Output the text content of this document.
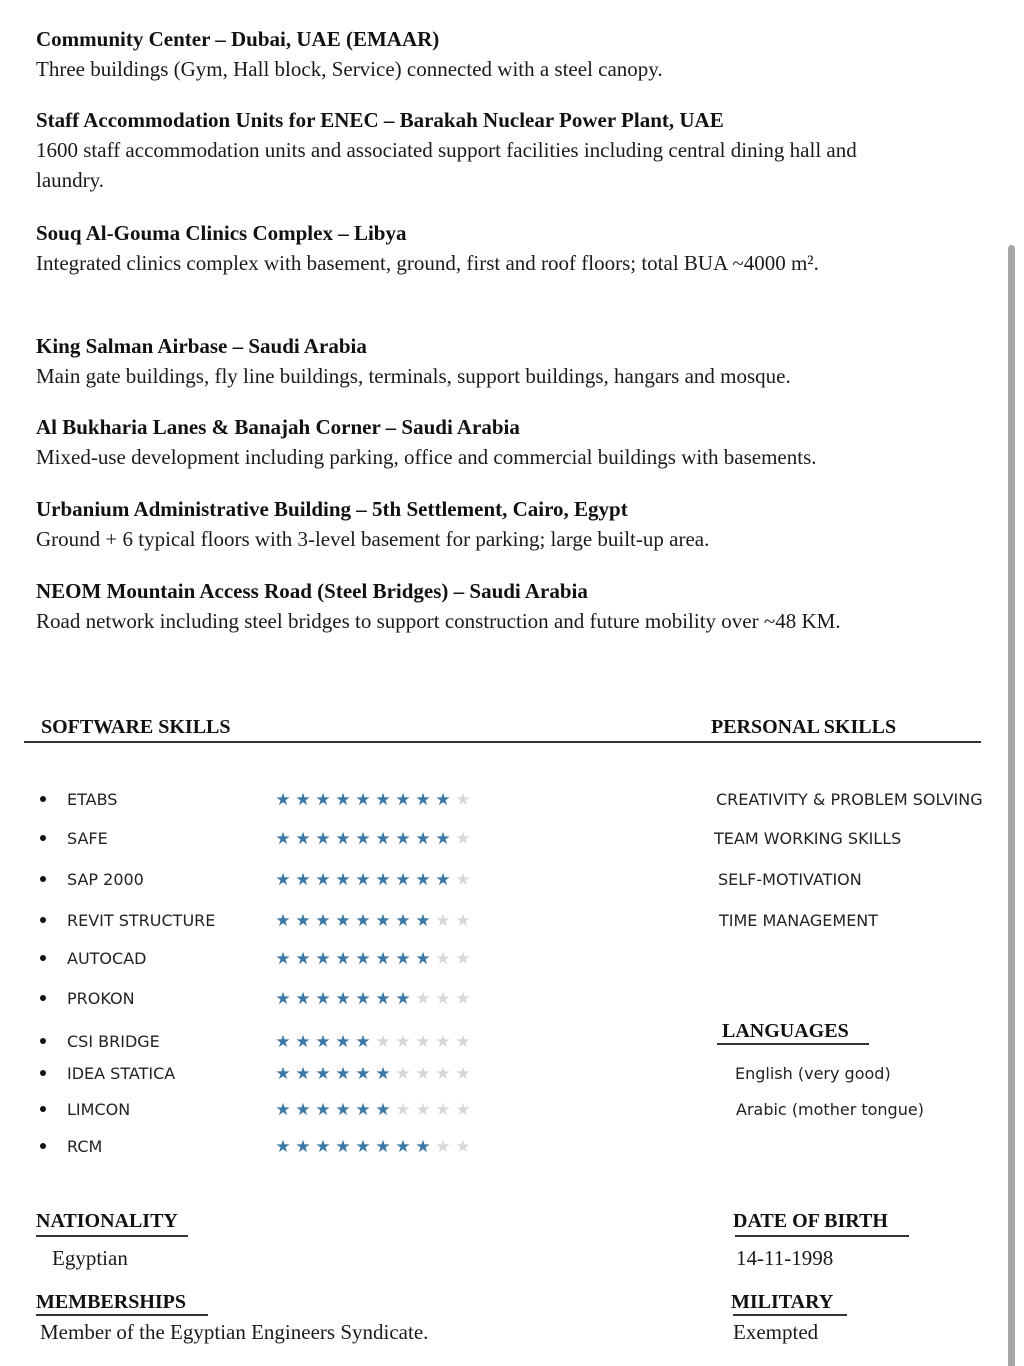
Community Center – Dubai, UAE (EMAAR)
Three buildings (Gym, Hall block, Service) connected with a steel canopy.
Staff Accommodation Units for ENEC – Barakah Nuclear Power Plant, UAE
1600 staff accommodation units and associated support facilities including central dining hall and laundry.
Souq Al-Gouma Clinics Complex – Libya
Integrated clinics complex with basement, ground, first and roof floors; total BUA ~4000 m².
King Salman Airbase – Saudi Arabia
Main gate buildings, fly line buildings, terminals, support buildings, hangars and mosque.
Al Bukharia Lanes & Banajah Corner – Saudi Arabia
Mixed-use development including parking, office and commercial buildings with basements.
Urbanium Administrative Building – 5th Settlement, Cairo, Egypt
Ground + 6 typical floors with 3-level basement for parking; large built-up area.
NEOM Mountain Access Road (Steel Bridges) – Saudi Arabia
Road network including steel bridges to support construction and future mobility over ~48 KM.
SOFTWARE SKILLS	PERSONAL SKILLS
ETABS	★ ★ ★ ★ ★ ★ ★ ★ ★ ★
SAFE	★ ★ ★ ★ ★ ★ ★ ★ ★ ★
SAP 2000	★ ★ ★ ★ ★ ★ ★ ★ ★ ★
REVIT STRUCTURE	★ ★ ★ ★ ★ ★ ★ ★ ★ ★
AUTOCAD	★ ★ ★ ★ ★ ★ ★ ★ ★ ★
PROKON	★ ★ ★ ★ ★ ★ ★ ★ ★ ★
CSI BRIDGE	★ ★ ★ ★ ★ ★ ★ ★ ★ ★
IDEA STATICA	★ ★ ★ ★ ★ ★ ★ ★ ★ ★
LIMCON	★ ★ ★ ★ ★ ★ ★ ★ ★ ★
RCM	★ ★ ★ ★ ★ ★ ★ ★ ★ ★
CREATIVITY & PROBLEM SOLVING
TEAM WORKING SKILLS
SELF-MOTIVATION
TIME MANAGEMENT
LANGUAGES
English (very good)
Arabic (mother tongue)
NATIONALITY
Egyptian
DATE OF BIRTH
14-11-1998
MEMBERSHIPS
Member of the Egyptian Engineers Syndicate.
MILITARY
Exempted
